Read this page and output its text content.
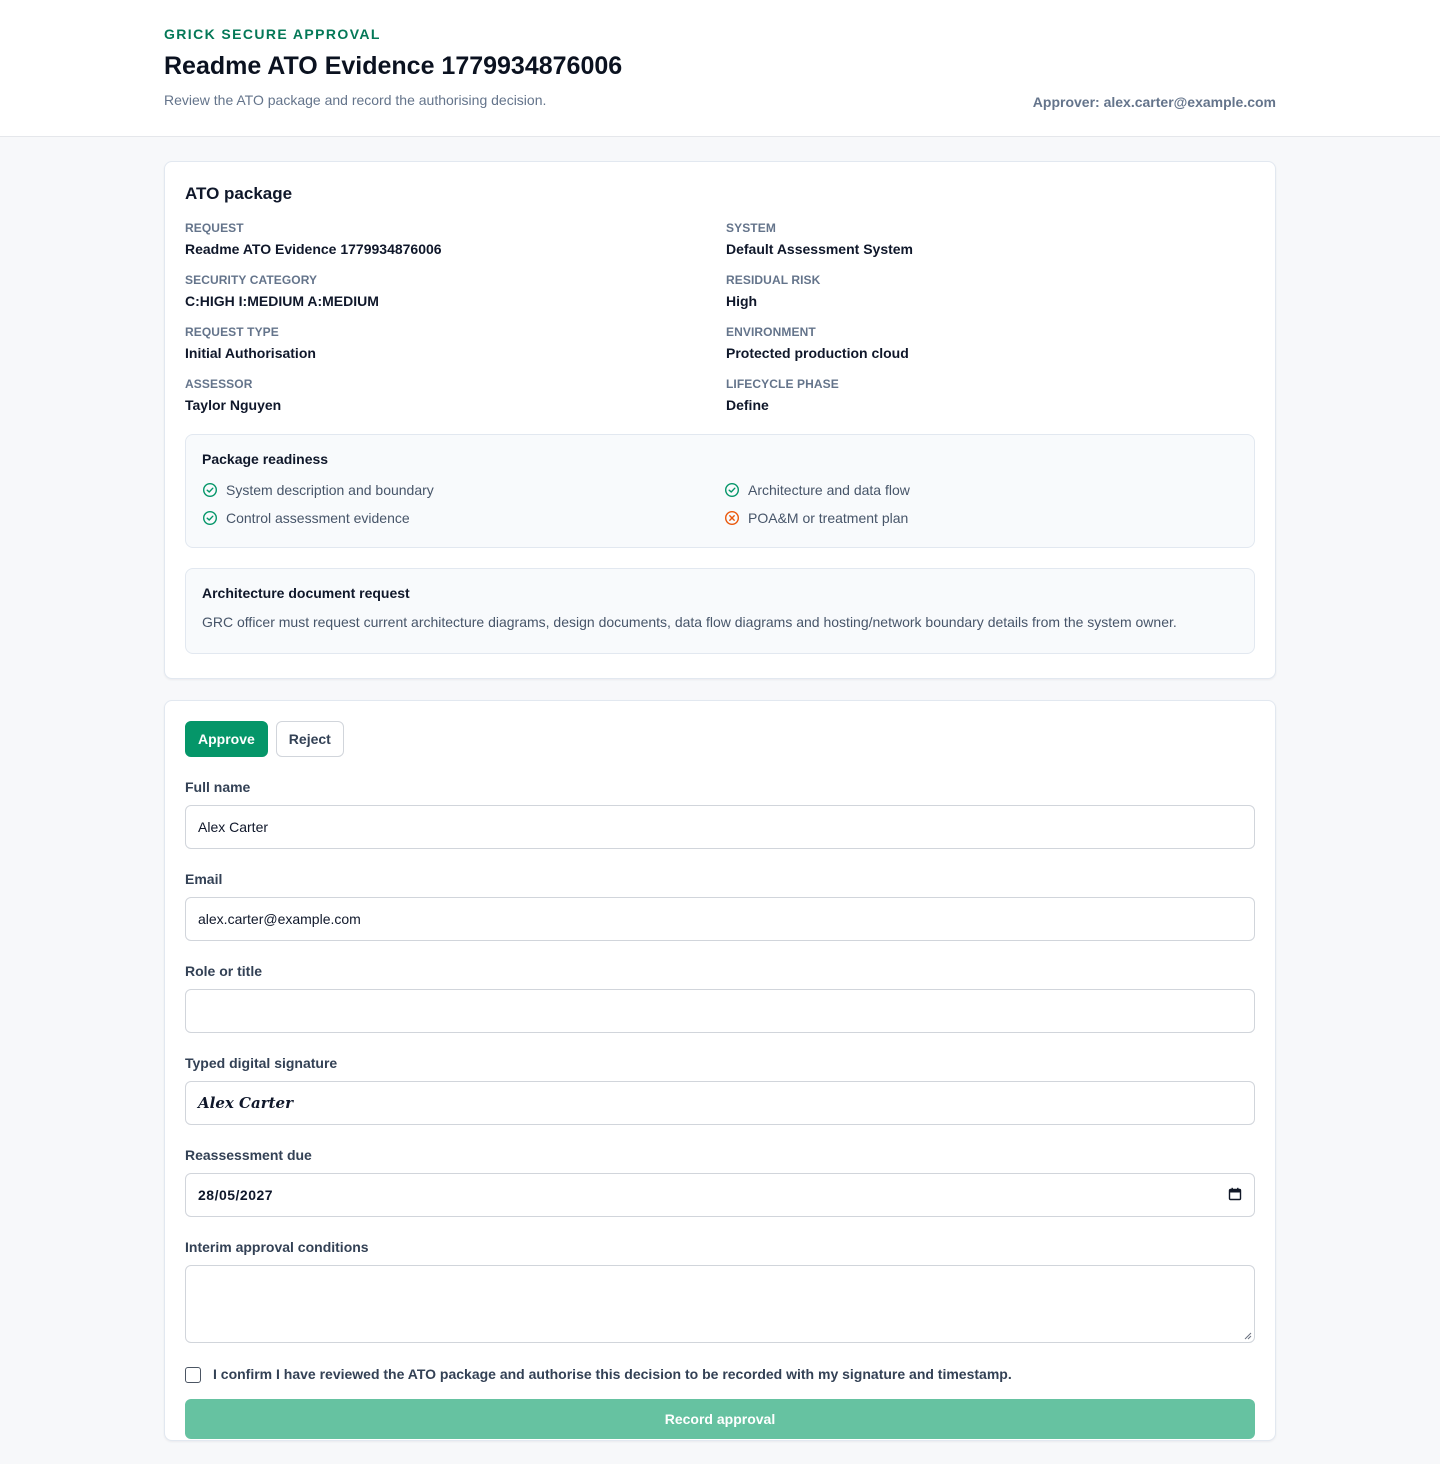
GRICK SECURE APPROVAL
Readme ATO Evidence 1779934876006
Review the ATO package and record the authorising decision.	Approver: alex.carter@example.com
ATO package
REQUEST
Readme ATO Evidence 1779934876006
SYSTEM
Default Assessment System
SECURITY CATEGORY
C:HIGH I:MEDIUM A:MEDIUM
RESIDUAL RISK
High
REQUEST TYPE
Initial Authorisation
ENVIRONMENT
Protected production cloud
ASSESSOR
Taylor Nguyen
LIFECYCLE PHASE
Define
Package readiness
System description and boundary	Architecture and data flow
Control assessment evidence	POA&M or treatment plan
Architecture document request
GRC officer must request current architecture diagrams, design documents, data flow diagrams and hosting/network boundary details from the system owner.
Approve	Reject
Full name
Alex Carter
Email
alex.carter@example.com
Role or title
Typed digital signature
Alex Carter
Reassessment due
28/05/2027
Interim approval conditions
I confirm I have reviewed the ATO package and authorise this decision to be recorded with my signature and timestamp.
Record approval
